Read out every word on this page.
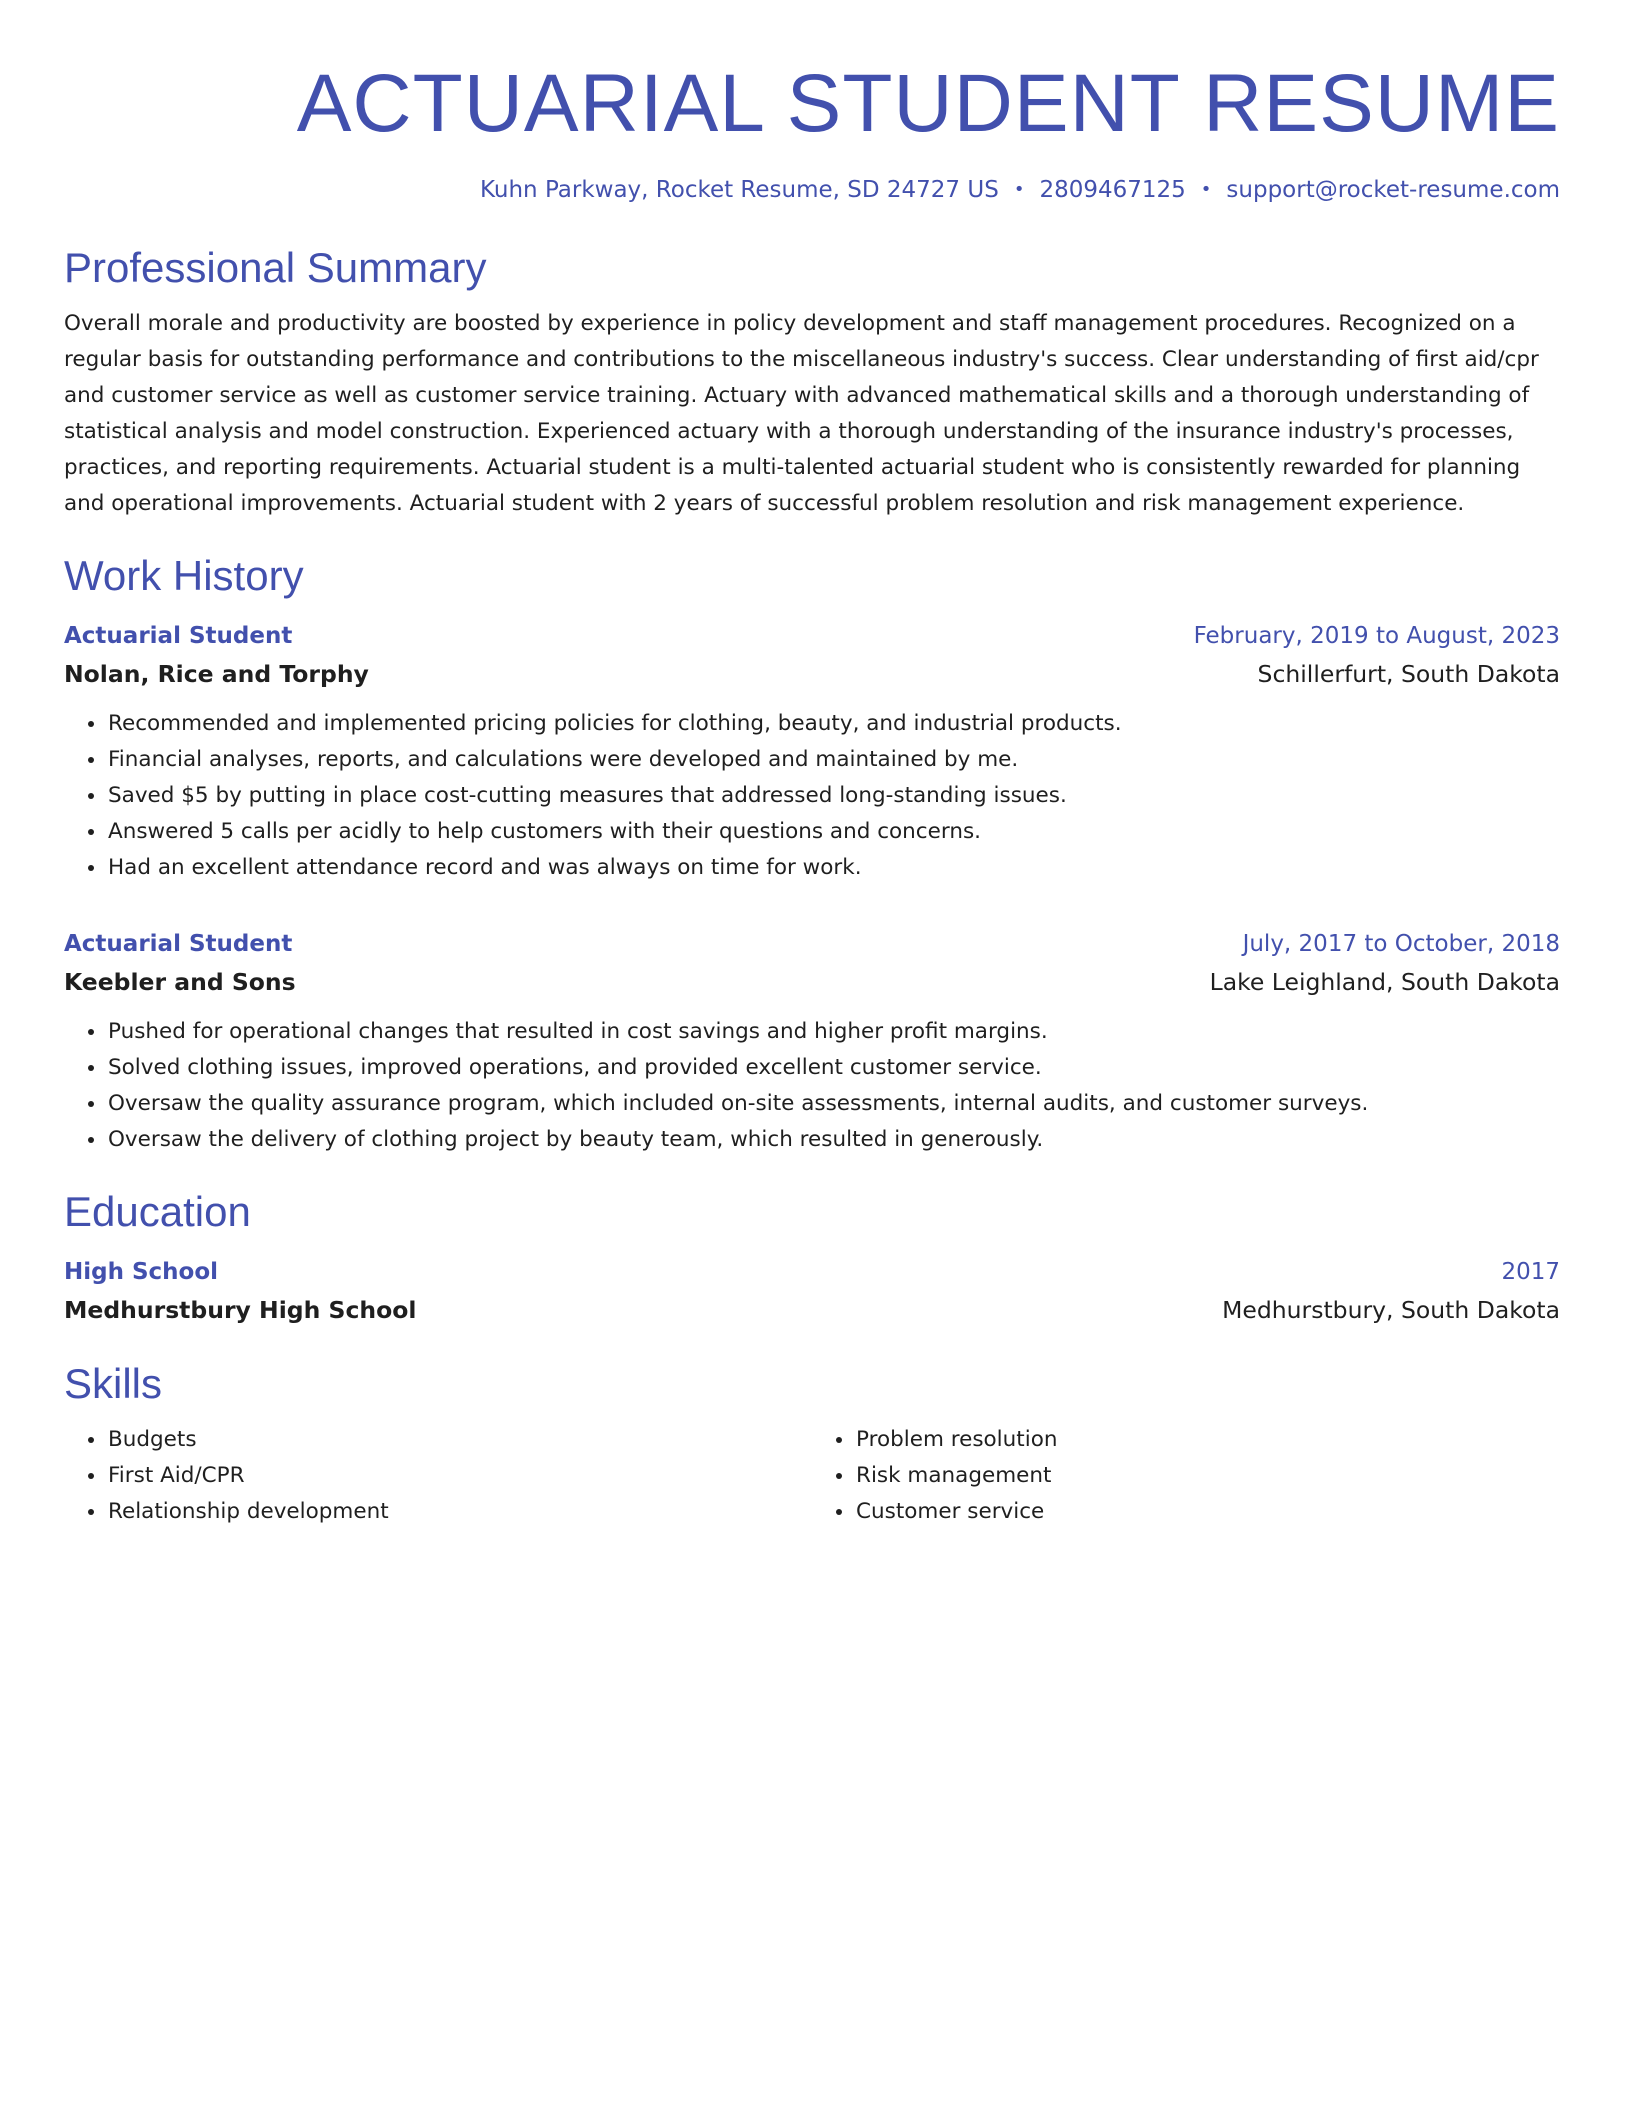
ACTUARIAL STUDENT RESUME
Kuhn Parkway, Rocket Resume, SD 24727 US • 2809467125 • support@rocket-resume.com
Professional Summary

Overall morale and productivity are boosted by experience in policy development and staff management procedures. Recognized on a regular basis for outstanding performance and contributions to the miscellaneous industry's success. Clear understanding of first aid/cpr and customer service as well as customer service training. Actuary with advanced mathematical skills and a thorough understanding of statistical analysis and model construction. Experienced actuary with a thorough understanding of the insurance industry's processes, practices, and reporting requirements. Actuarial student is a multi-talented actuarial student who is consistently rewarded for planning and operational improvements. Actuarial student with 2 years of successful problem resolution and risk management experience.

Work History
Actuarial Student	February, 2019 to August, 2023
Nolan, Rice and Torphy	Schillerfurt, South Dakota
• Recommended and implemented pricing policies for clothing, beauty, and industrial products.
• Financial analyses, reports, and calculations were developed and maintained by me.
• Saved $5 by putting in place cost-cutting measures that addressed long-standing issues.
• Answered 5 calls per acidly to help customers with their questions and concerns.
• Had an excellent attendance record and was always on time for work.
Actuarial Student	July, 2017 to October, 2018
Keebler and Sons	Lake Leighland, South Dakota
• Pushed for operational changes that resulted in cost savings and higher profit margins.
• Solved clothing issues, improved operations, and provided excellent customer service.
• Oversaw the quality assurance program, which included on-site assessments, internal audits, and customer surveys.
• Oversaw the delivery of clothing project by beauty team, which resulted in generously.
Education
High School	2017
Medhurstbury High School	Medhurstbury, South Dakota
Skills
• Budgets
• First Aid/CPR
• Relationship development
• Problem resolution
• Risk management
• Customer service
